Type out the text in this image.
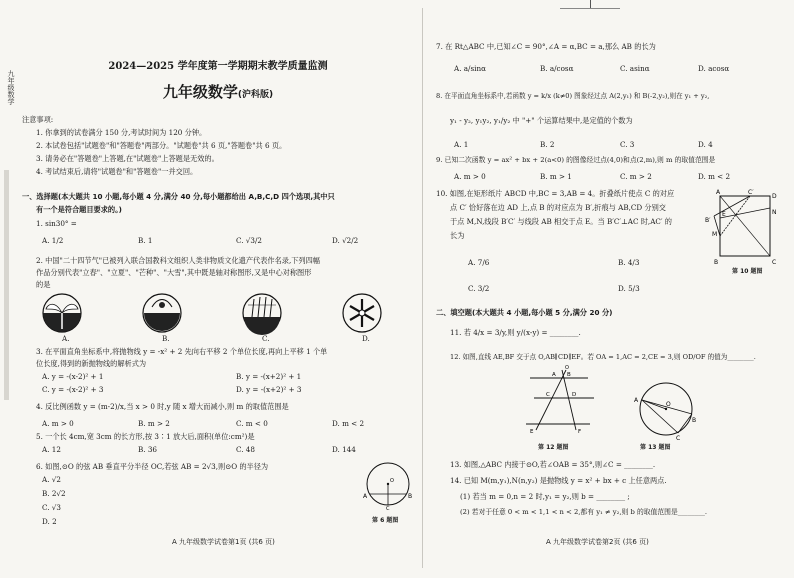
九年级数学
2024—2025 学年度第一学期期末教学质量监测
九年级数学(沪科版)
注意事项:
1. 你拿到的试卷满分 150 分,考试时间为 120 分钟。
2. 本试卷包括"试题卷"和"答题卷"两部分。"试题卷"共 6 页,"答题卷"共 6 页。
3. 请务必在"答题卷"上答题,在"试题卷"上答题是无效的。
4. 考试结束后,请将"试题卷"和"答题卷"一并交回。
一、选择题(本大题共 10 小题,每小题 4 分,满分 40 分,每小题都给出 A,B,C,D 四个选项,其中只
有一个是符合题目要求的。)
1. sin30° =
A. 1/2	B. 1	C. √3/2	D. √2/2
2. 中国"二十四节气"已被列入联合国教科文组织人类非物质文化遗产代表作名录,下列四幅
作品分别代表"立春"、"立夏"、"芒种"、"大雪",其中既是轴对称图形,又是中心对称图形
的是
A.	B.	C.	D.
3. 在平面直角坐标系中,将抛物线 y = -x² + 2 先向右平移 2 个单位长度,再向上平移 1 个单
位长度,得到的新抛物线的解析式为
A. y = -(x-2)² + 1	B. y = -(x+2)² + 1
C. y = -(x-2)² + 3	D. y = -(x+2)² + 3
4. 反比例函数 y = (m-2)/x,当 x > 0 时,y 随 x 增大而减小,则 m 的取值范围是
A. m > 0	B. m > 2	C. m < 0	D. m < 2
5. 一个长 4cm,宽 3cm 的长方形,按 3∶1 放大后,面积(单位:cm²)是
A. 12	B. 36	C. 48	D. 144
6. 如图,⊙O 的弦 AB 垂直平分半径 OC,若弦 AB = 2√3,则⊙O 的半径为
A. √2
B. 2√2
C. √3
D. 2
A	B
O
C
第 6 题图
A 九年级数学试卷第1页 (共6 页)
7. 在 Rt△ABC 中,已知∠C = 90°,∠A = α,BC = a,那么 AB 的长为
A. a/sinα	B. a/cosα	C. asinα	D. acosα
8. 在平面直角坐标系中,若函数 y = k/x (k≠0) 图象经过点 A(2,y₁) 和 B(-2,y₂),则在 y₁ + y₂,
y₁ - y₂, y₁y₂, y₁/y₂ 中 "+" 个运算结果中,是定值的个数为
A. 1	B. 2	C. 3	D. 4
9. 已知二次函数 y = ax² + bx + 2(a<0) 的图像经过点(4,0)和点(2,m),则 m 的取值范围是
A. m > 0	B. m > 1	C. m > 2	D. m < 2
10. 如图,在矩形纸片 ABCD 中,BC = 3,AB = 4。折叠纸片使点 C 的对应
点 C′ 恰好落在边 AD 上,点 B 的对应点为 B′,折痕与 AB,CD 分别交
于点 M,N,线段 B′C′ 与线段 AB 相交于点 E。当 B′C′⊥AC 时,AC′ 的
长为
A. 7/6	B. 4/3
C. 3/2	D. 5/3
A	C′
D
B′
E
M
N
B	C
第 10 题图
二、填空题(本大题共 4 小题,每小题 5 分,满分 20 分)
11. 若 4/x = 3/y,则 y/(x-y) = ________.
12. 如图,直线 AE,BF 交于点 O,AB∥CD∥EF。若 OA = 1,AC = 2,CE = 3,则 OD/OF 的值为________.
A
C
E
B
D
F
O
第 12 题图
A
O
B
C
第 13 题图
13. 如图,△ABC 内接于⊙O,若∠OAB = 35°,则∠C = ________.
14. 已知 M(m,y₁),N(n,y₂) 是抛物线 y = x² + bx + c 上任意两点.
(1) 若当 m = 0,n = 2 时,y₁ = y₂,则 b = ________ ;
(2) 若对于任意 0 < m < 1,1 < n < 2,都有 y₁ ≠ y₂,则 b 的取值范围是________.
A 九年级数学试卷第2页 (共6 页)
